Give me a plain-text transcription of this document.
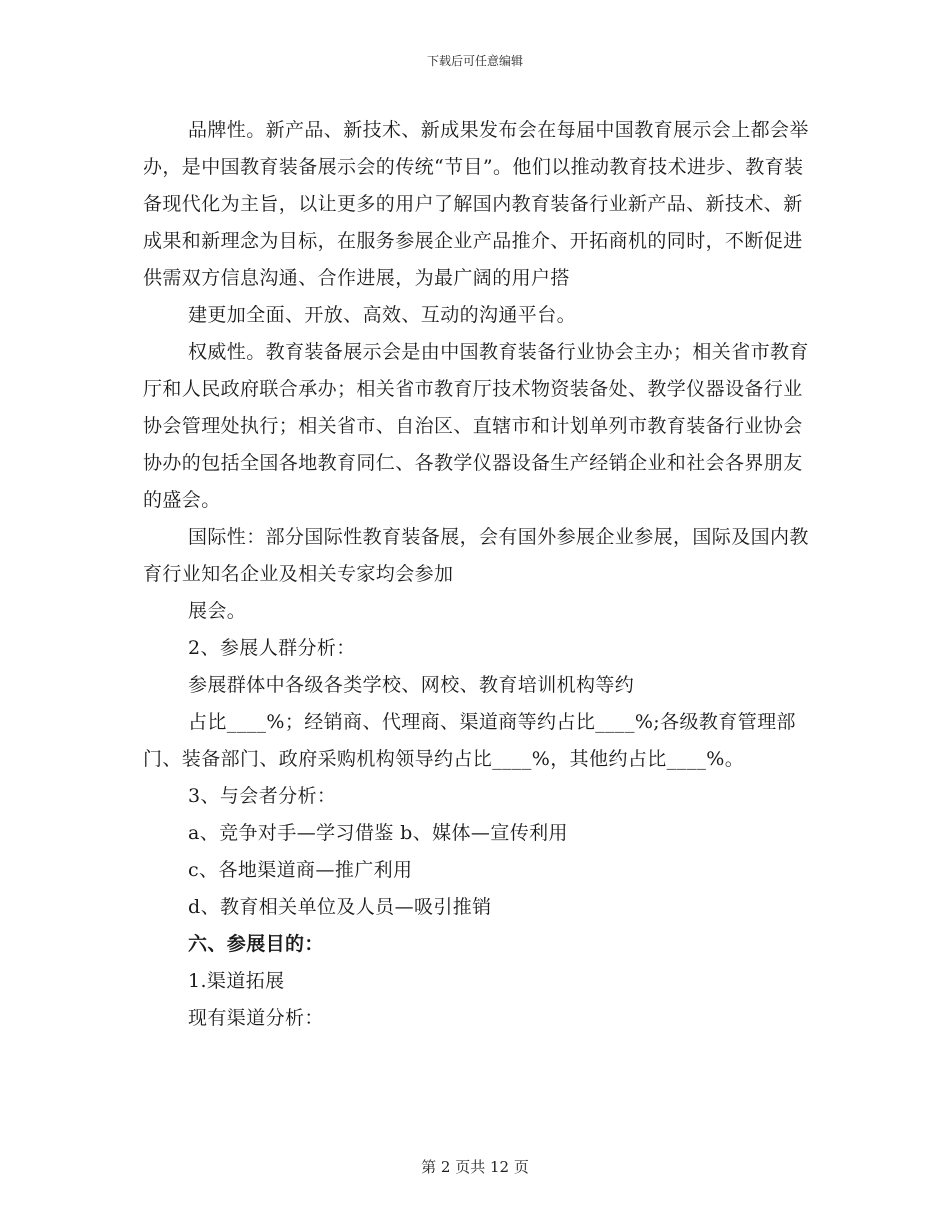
下载后可任意编辑

品牌性。新产品、新技术、新成果发布会在每届中国教育展示会上都会举办，是中国教育装备展示会的传统“节目”。他们以推动教育技术进步、教育装备现代化为主旨，以让更多的用户了解国内教育装备行业新产品、新技术、新成果和新理念为目标，在服务参展企业产品推介、开拓商机的同时，不断促进供需双方信息沟通、合作进展，为最广阔的用户搭

建更加全面、开放、高效、互动的沟通平台。

权威性。教育装备展示会是由中国教育装备行业协会主办；相关省市教育厅和人民政府联合承办；相关省市教育厅技术物资装备处、教学仪器设备行业协会管理处执行；相关省市、自治区、直辖市和计划单列市教育装备行业协会协办的包括全国各地教育同仁、各教学仪器设备生产经销企业和社会各界朋友的盛会。

国际性：部分国际性教育装备展，会有国外参展企业参展，国际及国内教育行业知名企业及相关专家均会参加

展会。

2、参展人群分析：

参展群体中各级各类学校、网校、教育培训机构等约

占比____%；经销商、代理商、渠道商等约占比____%;各级教育管理部门、装备部门、政府采购机构领导约占比____%，其他约占比____%。

3、与会者分析：

a、竞争对手—学习借鉴 b、媒体—宣传利用

c、各地渠道商—推广利用

d、教育相关单位及人员—吸引推销

六、参展目的：

1.渠道拓展

现有渠道分析：

第 2 页共 12 页
